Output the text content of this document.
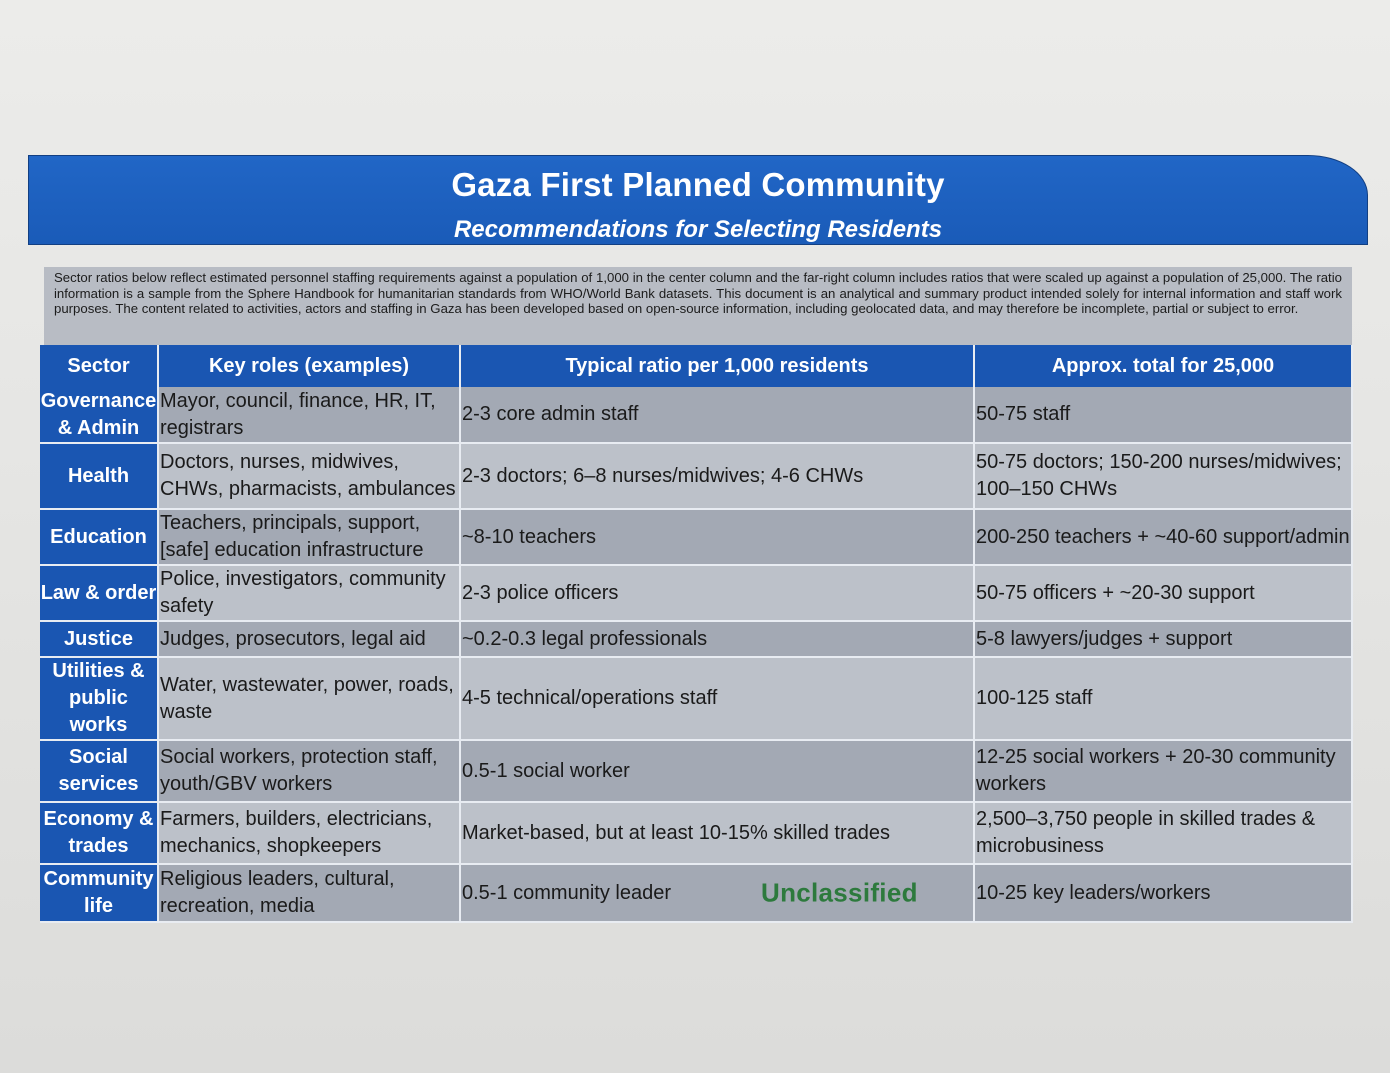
Gaza First Planned Community
Recommendations for Selecting Residents
Sector ratios below reflect estimated personnel staffing requirements against a population of 1,000 in the center column and the far-right column includes ratios that were scaled up against a population of 25,000. The ratio information is a sample from the Sphere Handbook for humanitarian standards from WHO/World Bank datasets. This document is an analytical and summary product intended solely for internal information and staff work purposes. The content related to activities, actors and staffing in Gaza has been developed based on open-source information, including geolocated data, and may therefore be incomplete, partial or subject to error.
Sector	Key roles (examples)	Typical ratio per 1,000 residents	Approx. total for 25,000
Governance & Admin	Mayor, council, finance, HR, IT, registrars	2-3 core admin staff	50-75 staff
Health	Doctors, nurses, midwives, CHWs, pharmacists, ambulances	2-3 doctors; 6–8 nurses/midwives; 4-6 CHWs	50-75 doctors; 150-200 nurses/midwives; 100–150 CHWs
Education	Teachers, principals, support, [safe] education infrastructure	~8-10 teachers	200-250 teachers + ~40-60 support/admin
Law & order	Police, investigators, community safety	2-3 police officers	50-75 officers + ~20-30 support
Justice	Judges, prosecutors, legal aid	~0.2-0.3 legal professionals	5-8 lawyers/judges + support
Utilities & public works	Water, wastewater, power, roads, waste	4-5 technical/operations staff	100-125 staff
Social services	Social workers, protection staff, youth/GBV workers	0.5-1 social worker	12-25 social workers + 20-30 community workers
Economy & trades	Farmers, builders, electricians, mechanics, shopkeepers	Market-based, but at least 10-15% skilled trades	2,500–3,750 people in skilled trades & microbusiness
Community life	Religious leaders, cultural, recreation, media	0.5-1 community leader Unclassified	10-25 key leaders/workers
